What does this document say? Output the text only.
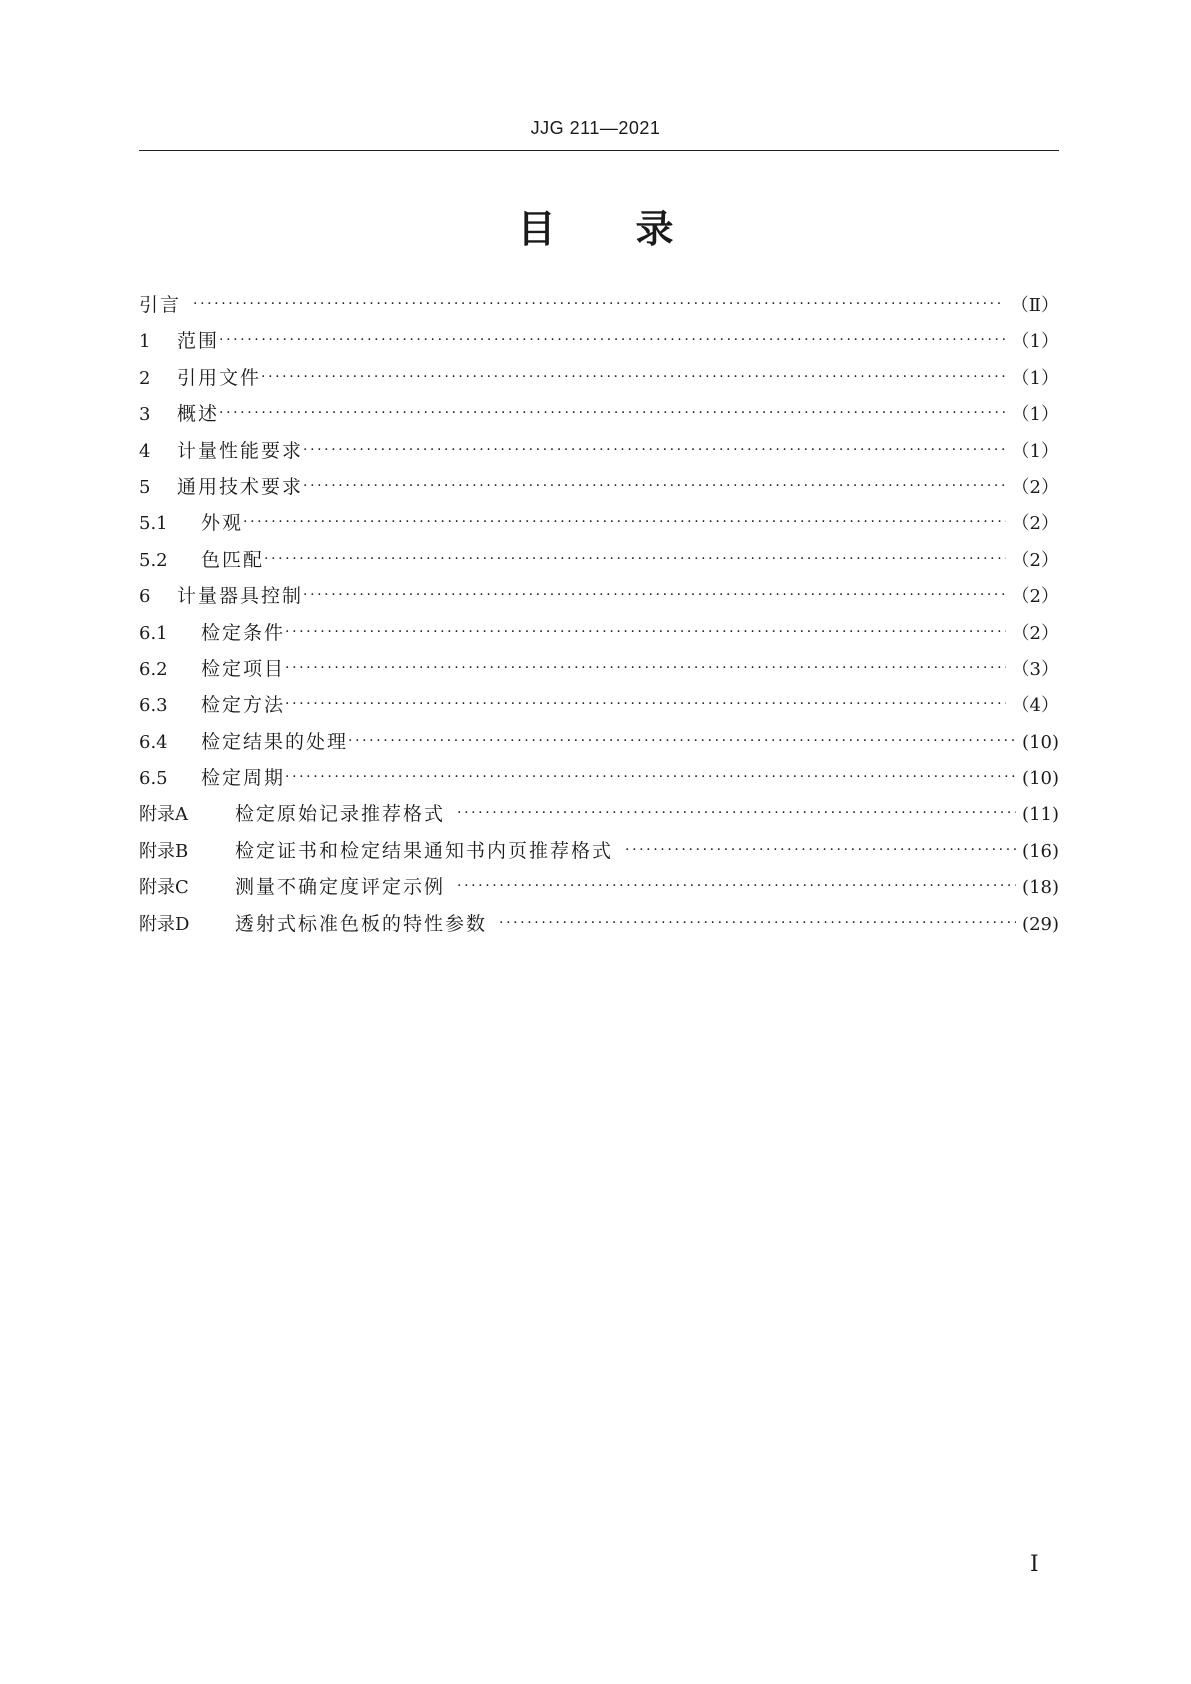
JJG 211—2021
目 录
引言 ·····	（Ⅱ）
1	范围 ·····	（1）
2	引用文件 ·····	（1）
3	概述 ·····	（1）
4	计量性能要求 ·····	（1）
5	通用技术要求 ·····	（2）
5.1	外观 ·····	（2）
5.2	色匹配 ·····	（2）
6	计量器具控制 ·····	（2）
6.1	检定条件 ·····	（2）
6.2	检定项目 ·····	（3）
6.3	检定方法 ·····	（4）
6.4	检定结果的处理 ·····	(10)
6.5	检定周期 ·····	(10)
附录A	检定原始记录推荐格式 ·····	(11)
附录B	检定证书和检定结果通知书内页推荐格式 ·····	(16)
附录C	测量不确定度评定示例 ·····	(18)
附录D	透射式标准色板的特性参数 ·····	(29)
Ⅰ
